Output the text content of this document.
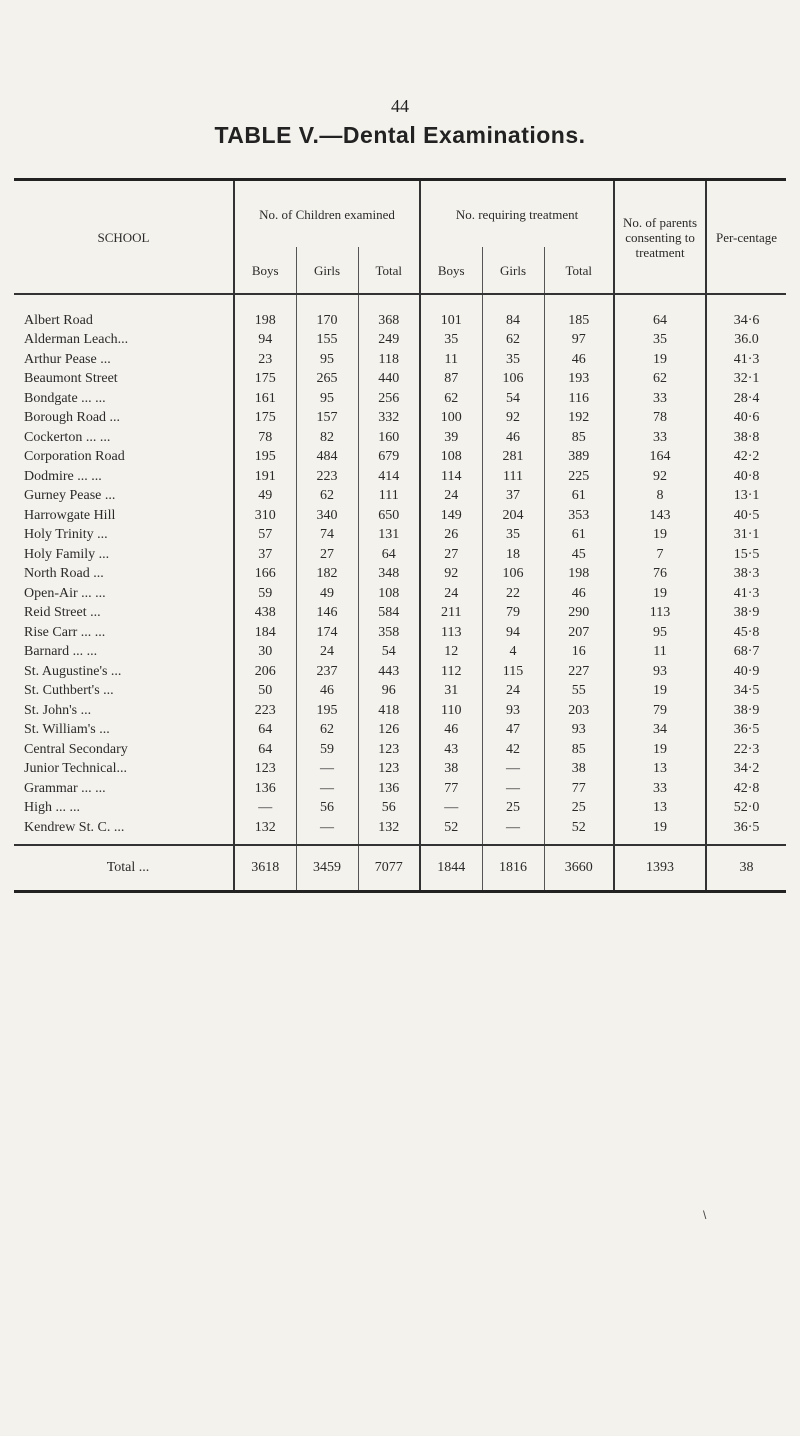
44
TABLE V.—Dental Examinations.
SCHOOL	No. of Children examined			No. requiring treatment			No. of parents consenting to treatment	Per-centage
	Boys	Girls	Total	Boys	Girls	Total		

Albert Road	198	170	368	101	84	185	64	34·6
Alderman Leach...	94	155	249	35	62	97	35	36.0
Arthur Pease ...	23	95	118	11	35	46	19	41·3
Beaumont Street	175	265	440	87	106	193	62	32·1
Bondgate ... ...	161	95	256	62	54	116	33	28·4
Borough Road ...	175	157	332	100	92	192	78	40·6
Cockerton ... ...	78	82	160	39	46	85	33	38·8
Corporation Road	195	484	679	108	281	389	164	42·2
Dodmire ... ...	191	223	414	114	111	225	92	40·8
Gurney Pease ...	49	62	111	24	37	61	8	13·1
Harrowgate Hill	310	340	650	149	204	353	143	40·5
Holy Trinity ...	57	74	131	26	35	61	19	31·1
Holy Family ...	37	27	64	27	18	45	7	15·5
North Road ...	166	182	348	92	106	198	76	38·3
Open-Air ... ...	59	49	108	24	22	46	19	41·3
Reid Street ...	438	146	584	211	79	290	113	38·9
Rise Carr ... ...	184	174	358	113	94	207	95	45·8
Barnard ... ...	30	24	54	12	4	16	11	68·7
St. Augustine's ...	206	237	443	112	115	227	93	40·9
St. Cuthbert's ...	50	46	96	31	24	55	19	34·5
St. John's ...	223	195	418	110	93	203	79	38·9
St. William's ...	64	62	126	46	47	93	34	36·5
Central Secondary	64	59	123	43	42	85	19	22·3
Junior Technical...	123	—	123	38	—	38	13	34·2
Grammar ... ...	136	—	136	77	—	77	33	42·8
High ... ...	—	56	56	—	25	25	13	52·0
Kendrew St. C. ...	132	—	132	52	—	52	19	36·5
Total ...	3618	3459	7077	1844	1816	3660	1393	38
\
